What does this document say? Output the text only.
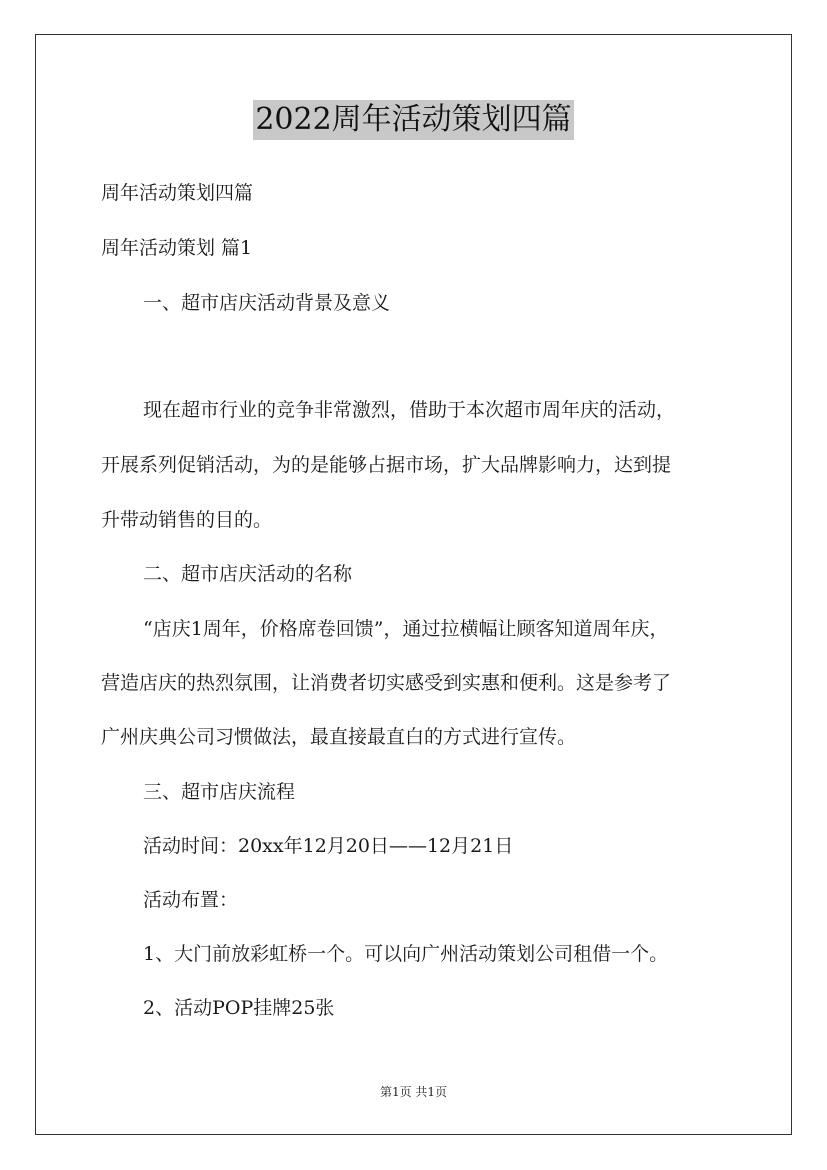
2022周年活动策划四篇
周年活动策划四篇
周年活动策划 篇1
一、超市店庆活动背景及意义
现在超市行业的竞争非常激烈，借助于本次超市周年庆的活动，
开展系列促销活动，为的是能够占据市场，扩大品牌影响力，达到提
升带动销售的目的。
二、超市店庆活动的名称
“店庆1周年，价格席卷回馈”，通过拉横幅让顾客知道周年庆，
营造店庆的热烈氛围，让消费者切实感受到实惠和便利。这是参考了
广州庆典公司习惯做法，最直接最直白的方式进行宣传。
三、超市店庆流程
活动时间：20xx年12月20日——12月21日
活动布置：
1、大门前放彩虹桥一个。可以向广州活动策划公司租借一个。
2、活动POP挂牌25张
第1页 共1页
